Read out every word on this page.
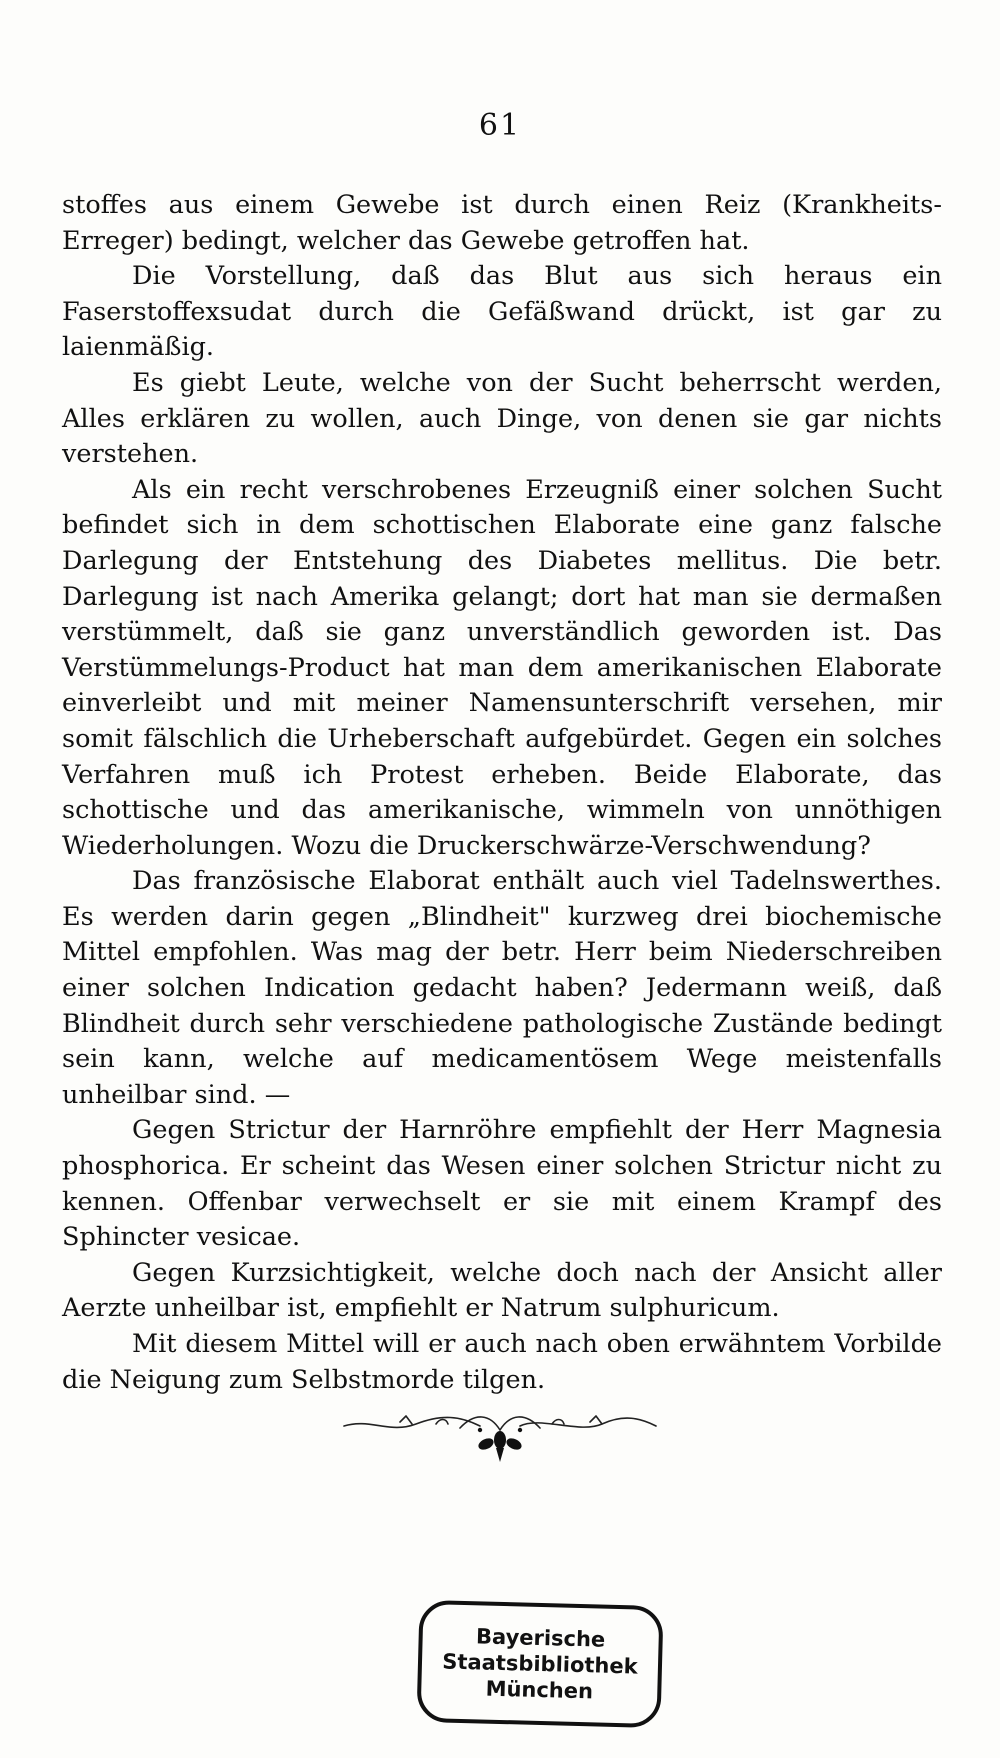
61

stoffes aus einem Gewebe ist durch einen Reiz (Krankheits-Erreger) bedingt, welcher das Gewebe getroffen hat.

Die Vorstellung, daß das Blut aus sich heraus ein Faserstoffexsudat durch die Gefäßwand drückt, ist gar zu laienmäßig.

Es giebt Leute, welche von der Sucht beherrscht werden, Alles erklären zu wollen, auch Dinge, von denen sie gar nichts verstehen.

Als ein recht verschrobenes Erzeugniß einer solchen Sucht befindet sich in dem schottischen Elaborate eine ganz falsche Darlegung der Entstehung des Diabetes mellitus. Die betr. Darlegung ist nach Amerika gelangt; dort hat man sie dermaßen verstümmelt, daß sie ganz unverständlich geworden ist. Das Verstümmelungs-Product hat man dem amerikanischen Elaborate einverleibt und mit meiner Namensunterschrift versehen, mir somit fälschlich die Urheberschaft aufgebürdet. Gegen ein solches Verfahren muß ich Protest erheben. Beide Elaborate, das schottische und das amerikanische, wimmeln von unnöthigen Wiederholungen. Wozu die Druckerschwärze-Verschwendung?

Das französische Elaborat enthält auch viel Tadelnswerthes. Es werden darin gegen „Blindheit" kurzweg drei biochemische Mittel empfohlen. Was mag der betr. Herr beim Niederschreiben einer solchen Indication gedacht haben? Jedermann weiß, daß Blindheit durch sehr verschiedene pathologische Zustände bedingt sein kann, welche auf medicamentösem Wege meistenfalls unheilbar sind. —

Gegen Strictur der Harnröhre empfiehlt der Herr Magnesia phosphorica. Er scheint das Wesen einer solchen Strictur nicht zu kennen. Offenbar verwechselt er sie mit einem Krampf des Sphincter vesicae.

Gegen Kurzsichtigkeit, welche doch nach der Ansicht aller Aerzte unheilbar ist, empfiehlt er Natrum sulphuricum.

Mit diesem Mittel will er auch nach oben erwähntem Vorbilde die Neigung zum Selbstmorde tilgen.

Bayerische
Staatsbibliothek
München
